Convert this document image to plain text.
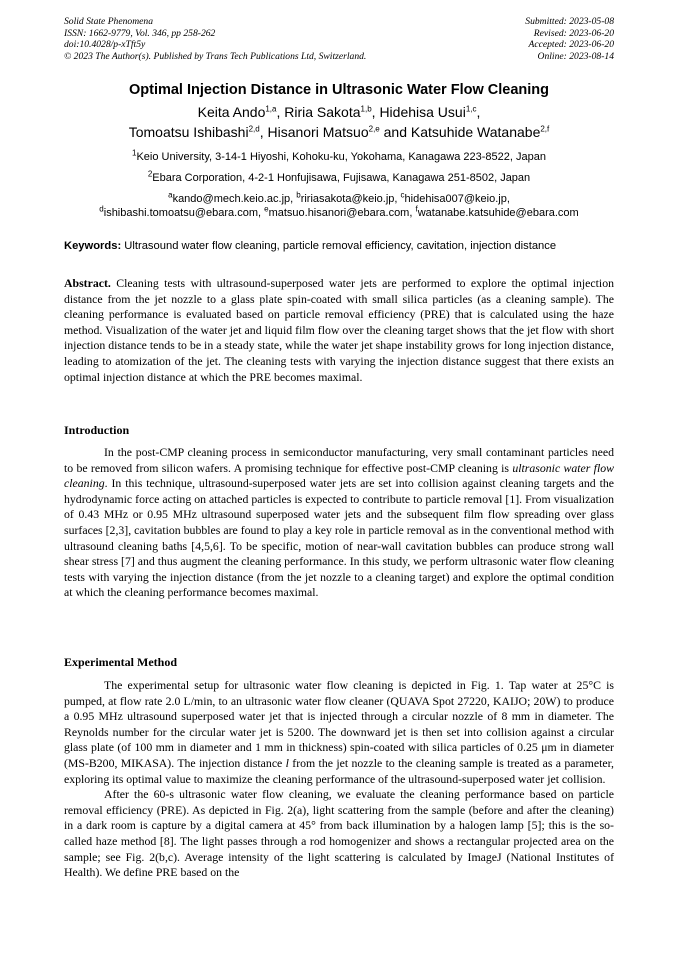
Solid State Phenomena
ISSN: 1662-9779, Vol. 346, pp 258-262
doi:10.4028/p-xTft5y
© 2023 The Author(s). Published by Trans Tech Publications Ltd, Switzerland.
Submitted: 2023-05-08
Revised: 2023-06-20
Accepted: 2023-06-20
Online: 2023-08-14
Optimal Injection Distance in Ultrasonic Water Flow Cleaning
Keita Ando$^{1,a}$, Riria Sakota$^{1,b}$, Hidehisa Usui$^{1,c}$,
Tomoatsu Ishibashi$^{2,d}$, Hisanori Matsuo$^{2,e}$ and Katsuhide Watanabe$^{2,f}$
$^1$Keio University, 3-14-1 Hiyoshi, Kohoku-ku, Yokohama, Kanagawa 223-8522, Japan
$^2$Ebara Corporation, 4-2-1 Honfujisawa, Fujisawa, Kanagawa 251-8502, Japan
$^a$kando@mech.keio.ac.jp, $^b$ririasakota@keio.jp, $^c$hidehisa007@keio.jp,
$^d$ishibashi.tomoatsu@ebara.com, $^e$matsuo.hisanori@ebara.com, $^f$watanabe.katsuhide@ebara.com
Keywords: Ultrasound water flow cleaning, particle removal efficiency, cavitation, injection distance

Abstract. Cleaning tests with ultrasound-superposed water jets are performed to explore the optimal injection distance from the jet nozzle to a glass plate spin-coated with small silica particles (as a cleaning sample). The cleaning performance is evaluated based on particle removal efficiency (PRE) that is calculated using the haze method. Visualization of the water jet and liquid film flow over the cleaning target shows that the jet flow with short injection distance tends to be in a steady state, while the water jet shape instability grows for long injection distance, leading to atomization of the jet. The cleaning tests with varying the injection distance suggest that there exists an optimal injection distance at which the PRE becomes maximal.

Introduction

In the post-CMP cleaning process in semiconductor manufacturing, very small contaminant particles need to be removed from silicon wafers. A promising technique for effective post-CMP cleaning is ultrasonic water flow cleaning. In this technique, ultrasound-superposed water jets are set into collision against cleaning targets and the hydrodynamic force acting on attached particles is expected to contribute to particle removal [1]. From visualization of 0.43 MHz or 0.95 MHz ultrasound superposed water jets and the subsequent film flow spreading over glass surfaces [2,3], cavitation bubbles are found to play a key role in particle removal as in the conventional method with ultrasound cleaning baths [4,5,6]. To be specific, motion of near-wall cavitation bubbles can produce strong wall shear stress [7] and thus augment the cleaning performance. In this study, we perform ultrasonic water flow cleaning tests with varying the injection distance (from the jet nozzle to a cleaning target) and explore the optimal condition at which the cleaning performance becomes maximal.

Experimental Method

The experimental setup for ultrasonic water flow cleaning is depicted in Fig. 1. Tap water at 25°C is pumped, at flow rate 2.0 L/min, to an ultrasonic water flow cleaner (QUAVA Spot 27220, KAIJO; 20W) to produce a 0.95 MHz ultrasound superposed water jet that is injected through a circular nozzle of 8 mm in diameter. The Reynolds number for the circular water jet is 5200. The downward jet is then set into collision against a circular glass plate (of 100 mm in diameter and 1 mm in thickness) spin-coated with silica particles of 0.25 μm in diameter (MS-B200, MIKASA). The injection distance l from the jet nozzle to the cleaning sample is treated as a parameter, exploring its optimal value to maximize the cleaning performance of the ultrasound-superposed water jet collision.

After the 60-s ultrasonic water flow cleaning, we evaluate the cleaning performance based on particle removal efficiency (PRE). As depicted in Fig. 2(a), light scattering from the sample (before and after the cleaning) in a dark room is capture by a digital camera at 45° from back illumination by a halogen lamp [5]; this is the so-called haze method [8]. The light passes through a rod homogenizer and shows a rectangular projected area on the sample; see Fig. 2(b,c). Average intensity of the light scattering is calculated by ImageJ (National Institutes of Health). We define PRE based on the
